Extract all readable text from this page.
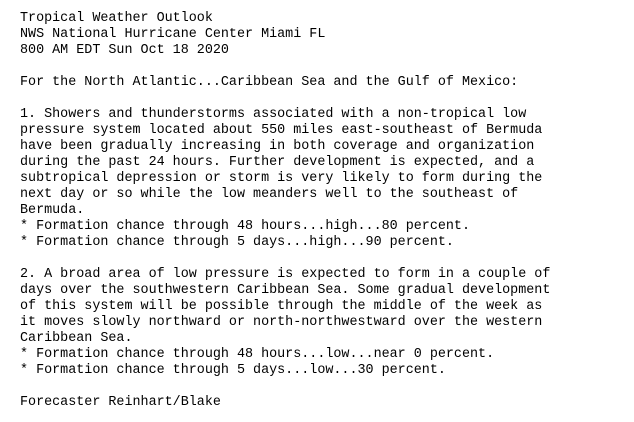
Tropical Weather Outlook
NWS National Hurricane Center Miami FL
800 AM EDT Sun Oct 18 2020
For the North Atlantic...Caribbean Sea and the Gulf of Mexico:
1. Showers and thunderstorms associated with a non-tropical low
pressure system located about 550 miles east-southeast of Bermuda
have been gradually increasing in both coverage and organization
during the past 24 hours. Further development is expected, and a
subtropical depression or storm is very likely to form during the
next day or so while the low meanders well to the southeast of
Bermuda.
* Formation chance through 48 hours...high...80 percent.
* Formation chance through 5 days...high...90 percent.
2. A broad area of low pressure is expected to form in a couple of
days over the southwestern Caribbean Sea. Some gradual development
of this system will be possible through the middle of the week as
it moves slowly northward or north-northwestward over the western
Caribbean Sea.
* Formation chance through 48 hours...low...near 0 percent.
* Formation chance through 5 days...low...30 percent.
Forecaster Reinhart/Blake
